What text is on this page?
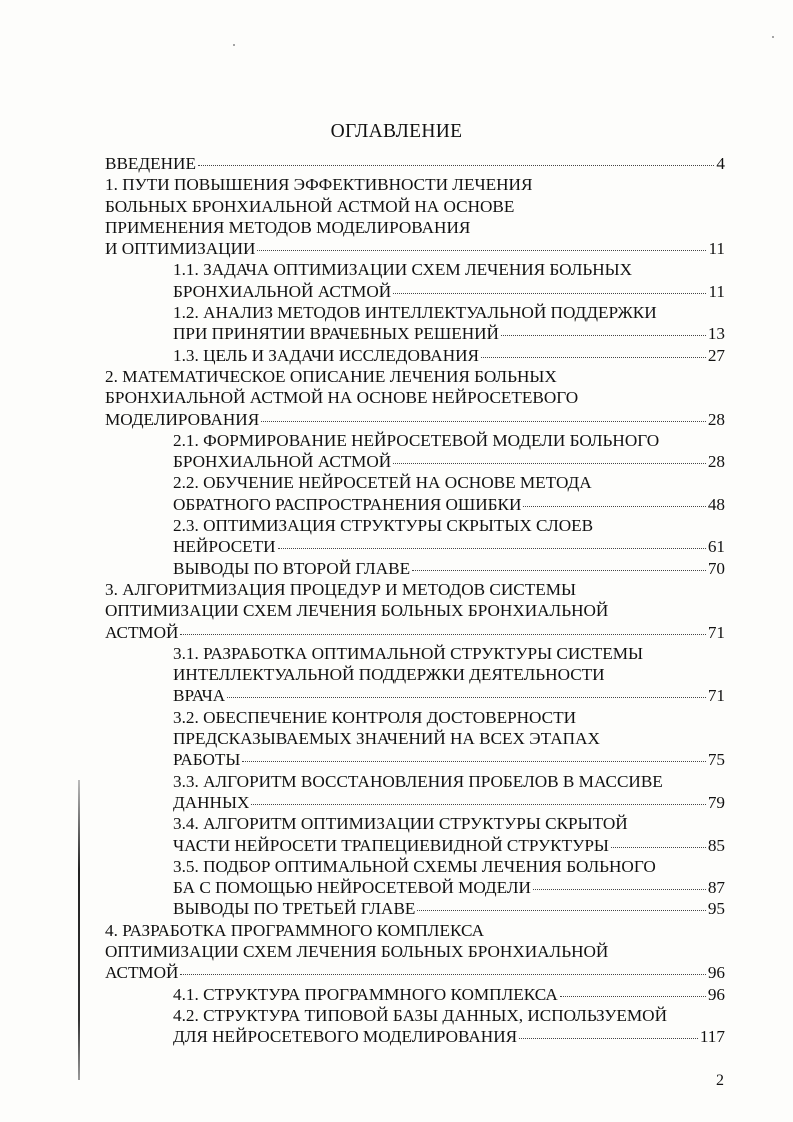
ОГЛАВЛЕНИЕ
ВВЕДЕНИЕ	4
1. ПУТИ ПОВЫШЕНИЯ ЭФФЕКТИВНОСТИ ЛЕЧЕНИЯ
БОЛЬНЫХ БРОНХИАЛЬНОЙ АСТМОЙ НА ОСНОВЕ
ПРИМЕНЕНИЯ МЕТОДОВ МОДЕЛИРОВАНИЯ
И ОПТИМИЗАЦИИ	11
1.1. ЗАДАЧА ОПТИМИЗАЦИИ СХЕМ ЛЕЧЕНИЯ БОЛЬНЫХ
БРОНХИАЛЬНОЙ АСТМОЙ	11
1.2. АНАЛИЗ МЕТОДОВ ИНТЕЛЛЕКТУАЛЬНОЙ ПОДДЕРЖКИ
ПРИ ПРИНЯТИИ ВРАЧЕБНЫХ РЕШЕНИЙ	13
1.3. ЦЕЛЬ И ЗАДАЧИ ИССЛЕДОВАНИЯ	27
2. МАТЕМАТИЧЕСКОЕ ОПИСАНИЕ ЛЕЧЕНИЯ БОЛЬНЫХ
БРОНХИАЛЬНОЙ АСТМОЙ НА ОСНОВЕ НЕЙРОСЕТЕВОГО
МОДЕЛИРОВАНИЯ	28
2.1. ФОРМИРОВАНИЕ НЕЙРОСЕТЕВОЙ МОДЕЛИ БОЛЬНОГО
БРОНХИАЛЬНОЙ АСТМОЙ	28
2.2. ОБУЧЕНИЕ НЕЙРОСЕТЕЙ НА ОСНОВЕ МЕТОДА
ОБРАТНОГО РАСПРОСТРАНЕНИЯ ОШИБКИ	48
2.3. ОПТИМИЗАЦИЯ СТРУКТУРЫ СКРЫТЫХ СЛОЕВ
НЕЙРОСЕТИ	61
ВЫВОДЫ ПО ВТОРОЙ ГЛАВЕ	70
3. АЛГОРИТМИЗАЦИЯ ПРОЦЕДУР И МЕТОДОВ СИСТЕМЫ
ОПТИМИЗАЦИИ СХЕМ ЛЕЧЕНИЯ БОЛЬНЫХ БРОНХИАЛЬНОЙ
АСТМОЙ	71
3.1. РАЗРАБОТКА ОПТИМАЛЬНОЙ СТРУКТУРЫ СИСТЕМЫ
ИНТЕЛЛЕКТУАЛЬНОЙ ПОДДЕРЖКИ ДЕЯТЕЛЬНОСТИ
ВРАЧА	71
3.2. ОБЕСПЕЧЕНИЕ КОНТРОЛЯ ДОСТОВЕРНОСТИ
ПРЕДСКАЗЫВАЕМЫХ ЗНАЧЕНИЙ НА ВСЕХ ЭТАПАХ
РАБОТЫ	75
3.3. АЛГОРИТМ ВОССТАНОВЛЕНИЯ ПРОБЕЛОВ В МАССИВЕ
ДАННЫХ	79
3.4. АЛГОРИТМ ОПТИМИЗАЦИИ СТРУКТУРЫ СКРЫТОЙ
ЧАСТИ НЕЙРОСЕТИ ТРАПЕЦИЕВИДНОЙ СТРУКТУРЫ	85
3.5. ПОДБОР ОПТИМАЛЬНОЙ СХЕМЫ ЛЕЧЕНИЯ БОЛЬНОГО
БА С ПОМОЩЬЮ НЕЙРОСЕТЕВОЙ МОДЕЛИ	87
ВЫВОДЫ ПО ТРЕТЬЕЙ ГЛАВЕ	95
4. РАЗРАБОТКА ПРОГРАММНОГО КОМПЛЕКСА
ОПТИМИЗАЦИИ СХЕМ ЛЕЧЕНИЯ БОЛЬНЫХ БРОНХИАЛЬНОЙ
АСТМОЙ	96
4.1. СТРУКТУРА ПРОГРАММНОГО КОМПЛЕКСА	96
4.2. СТРУКТУРА ТИПОВОЙ БАЗЫ ДАННЫХ, ИСПОЛЬЗУЕМОЙ
ДЛЯ НЕЙРОСЕТЕВОГО МОДЕЛИРОВАНИЯ	117
2
